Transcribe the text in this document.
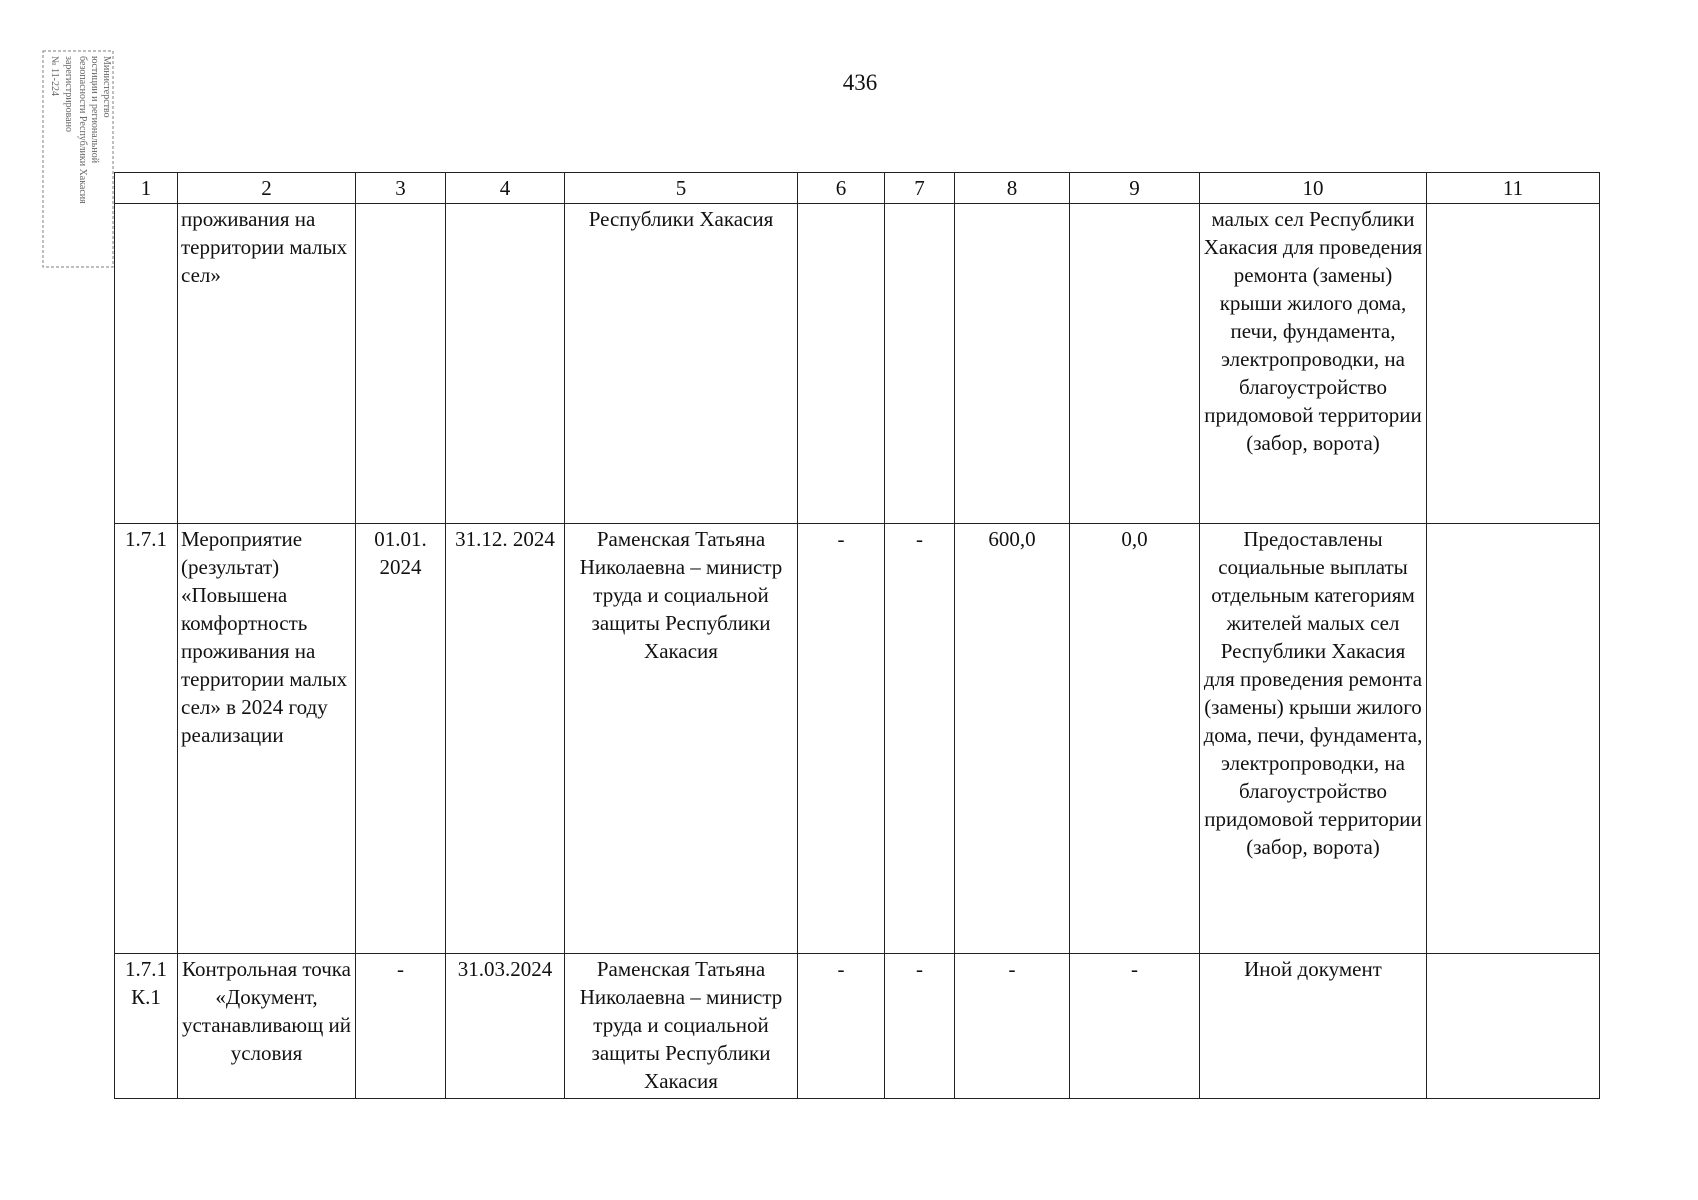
Министерство
юстиции и региональной
безопасности Республики Хакасия
зарегистрировано
№ 11-224	436
1	2	3	4	5	6	7	8	9	10	11
	проживания на территории малых сел»			Республики Хакасия					малых сел Республики Хакасия для проведения ремонта (замены) крыши жилого дома, печи, фундамента, электропроводки, на благоустройство придомовой территории (забор, ворота)	
1.7.1	Мероприятие (результат) «Повышена комфортность проживания на территории малых сел» в 2024 году реализации	01.01. 2024	31.12. 2024	Раменская Татьяна Николаевна – министр труда и социальной защиты Республики Хакасия	-	-	600,0	0,0	Предоставлены социальные выплаты отдельным категориям жителей малых сел Республики Хакасия для проведения ремонта (замены) крыши жилого дома, печи, фундамента, электропроводки, на благоустройство придомовой территории (забор, ворота)	
1.7.1 К.1	Контрольная точка «Документ, устанавливающ ий условия	-	31.03.2024	Раменская Татьяна Николаевна – министр труда и социальной защиты Республики Хакасия	-	-	-	-	Иной документ	
